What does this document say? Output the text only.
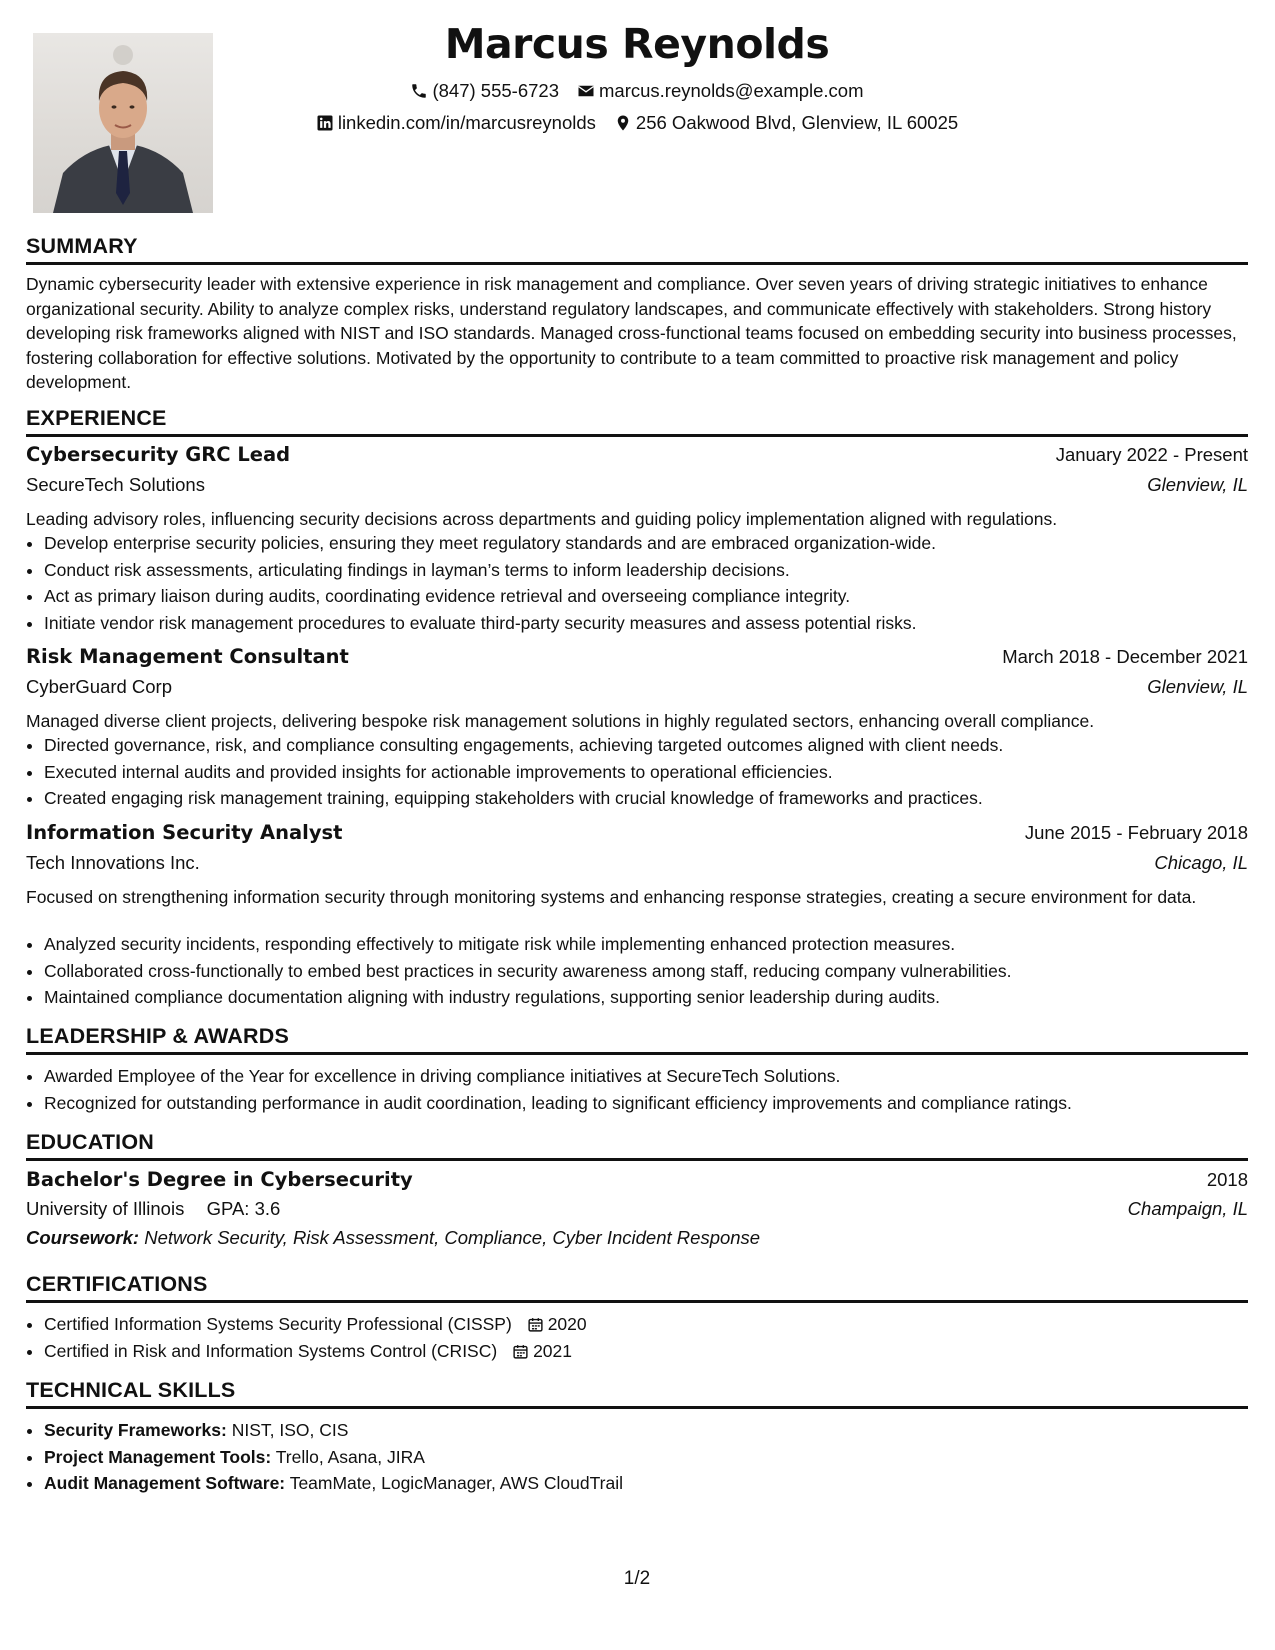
Marcus Reynolds
(847) 555-6723 marcus.reynolds@example.com
linkedin.com/in/marcusreynolds 256 Oakwood Blvd, Glenview, IL 60025
SUMMARY
Dynamic cybersecurity leader with extensive experience in risk management and compliance. Over seven years of driving strategic initiatives to enhance organizational security. Ability to analyze complex risks, understand regulatory landscapes, and communicate effectively with stakeholders. Strong history developing risk frameworks aligned with NIST and ISO standards. Managed cross-functional teams focused on embedding security into business processes, fostering collaboration for effective solutions. Motivated by the opportunity to contribute to a team committed to proactive risk management and policy development.
EXPERIENCE
Cybersecurity GRC Lead	January 2022 - Present
SecureTech Solutions	Glenview, IL
Leading advisory roles, influencing security decisions across departments and guiding policy implementation aligned with regulations.
• Develop enterprise security policies, ensuring they meet regulatory standards and are embraced organization-wide.
• Conduct risk assessments, articulating findings in layman’s terms to inform leadership decisions.
• Act as primary liaison during audits, coordinating evidence retrieval and overseeing compliance integrity.
• Initiate vendor risk management procedures to evaluate third-party security measures and assess potential risks.
Risk Management Consultant	March 2018 - December 2021
CyberGuard Corp	Glenview, IL
Managed diverse client projects, delivering bespoke risk management solutions in highly regulated sectors, enhancing overall compliance.
• Directed governance, risk, and compliance consulting engagements, achieving targeted outcomes aligned with client needs.
• Executed internal audits and provided insights for actionable improvements to operational efficiencies.
• Created engaging risk management training, equipping stakeholders with crucial knowledge of frameworks and practices.
Information Security Analyst	June 2015 - February 2018
Tech Innovations Inc.	Chicago, IL
Focused on strengthening information security through monitoring systems and enhancing response strategies, creating a secure environment for data.
• Analyzed security incidents, responding effectively to mitigate risk while implementing enhanced protection measures.
• Collaborated cross-functionally to embed best practices in security awareness among staff, reducing company vulnerabilities.
• Maintained compliance documentation aligning with industry regulations, supporting senior leadership during audits.
LEADERSHIP & AWARDS
• Awarded Employee of the Year for excellence in driving compliance initiatives at SecureTech Solutions.
• Recognized for outstanding performance in audit coordination, leading to significant efficiency improvements and compliance ratings.
EDUCATION
Bachelor's Degree in Cybersecurity	2018
University of Illinois GPA: 3.6	Champaign, IL
Coursework: Network Security, Risk Assessment, Compliance, Cyber Incident Response
CERTIFICATIONS
• Certified Information Systems Security Professional (CISSP) 2020
• Certified in Risk and Information Systems Control (CRISC) 2021
TECHNICAL SKILLS
• Security Frameworks: NIST, ISO, CIS
• Project Management Tools: Trello, Asana, JIRA
• Audit Management Software: TeamMate, LogicManager, AWS CloudTrail
1/2
